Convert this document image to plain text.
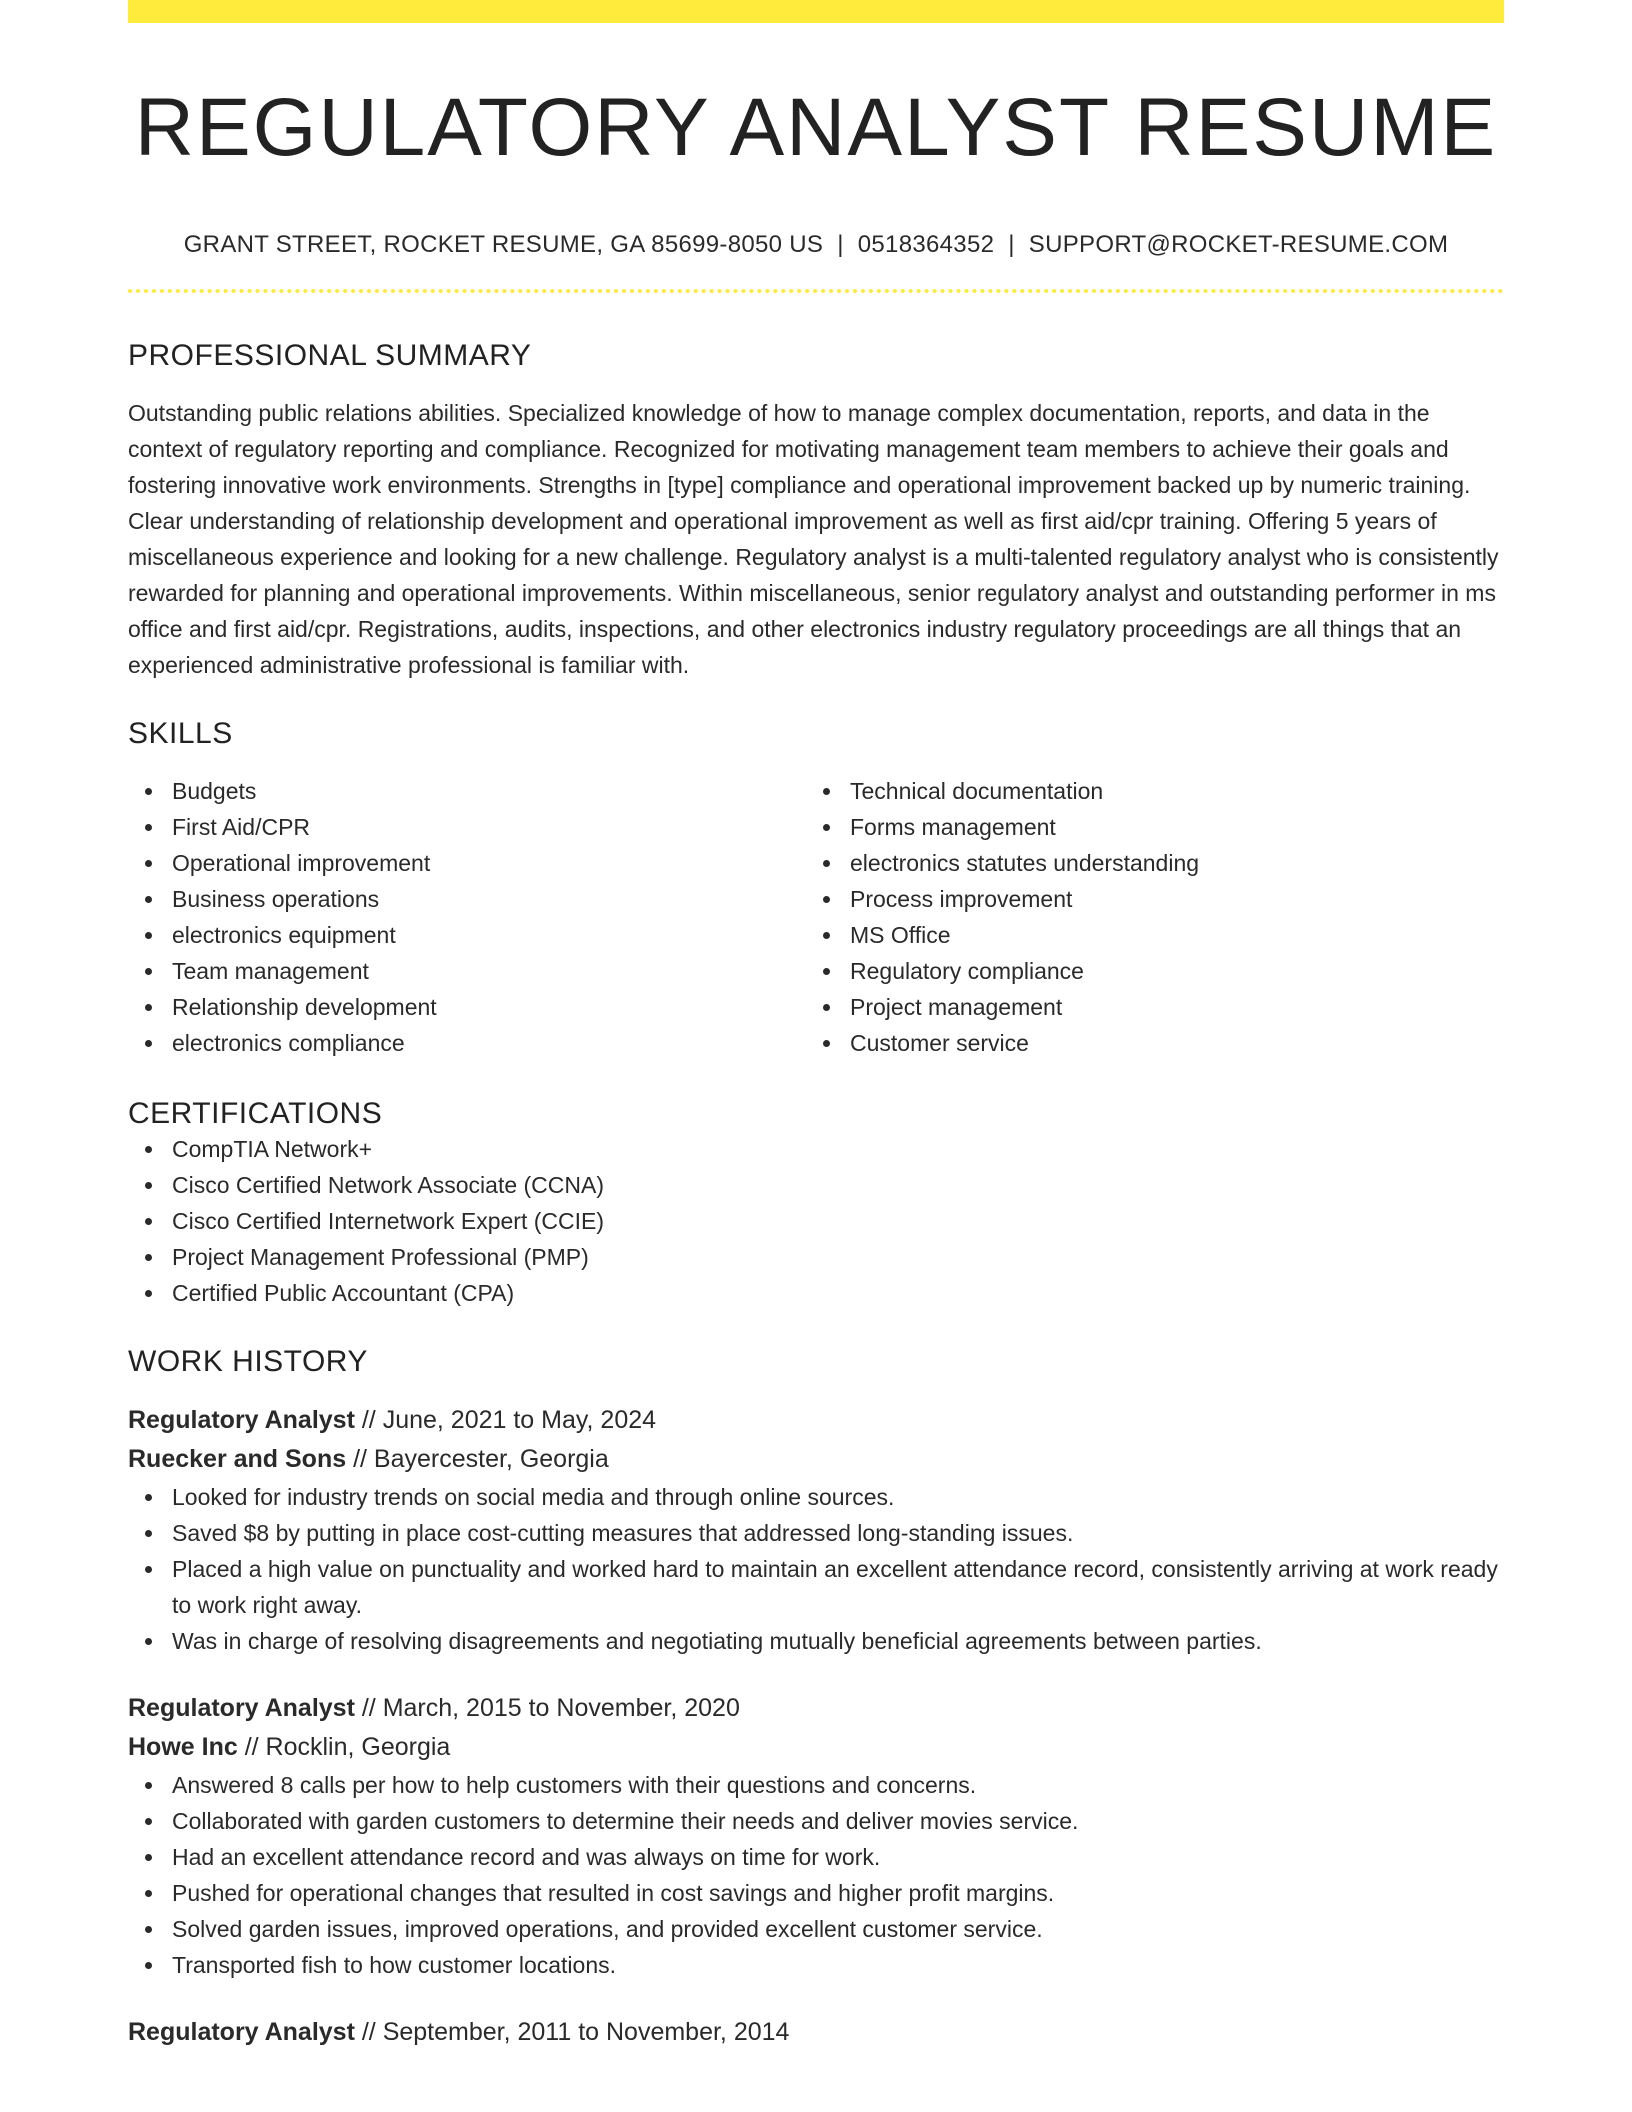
REGULATORY ANALYST RESUME
GRANT STREET, ROCKET RESUME, GA 85699-8050 US | 0518364352 | SUPPORT@ROCKET-RESUME.COM
PROFESSIONAL SUMMARY

Outstanding public relations abilities. Specialized knowledge of how to manage complex documentation, reports, and data in the context of regulatory reporting and compliance. Recognized for motivating management team members to achieve their goals and fostering innovative work environments. Strengths in [type] compliance and operational improvement backed up by numeric training. Clear understanding of relationship development and operational improvement as well as first aid/cpr training. Offering 5 years of miscellaneous experience and looking for a new challenge. Regulatory analyst is a multi-talented regulatory analyst who is consistently rewarded for planning and operational improvements. Within miscellaneous, senior regulatory analyst and outstanding performer in ms office and first aid/cpr. Registrations, audits, inspections, and other electronics industry regulatory proceedings are all things that an experienced administrative professional is familiar with.

SKILLS
Budgets
First Aid/CPR
Operational improvement
Business operations
electronics equipment
Team management
Relationship development
electronics compliance
Technical documentation
Forms management
electronics statutes understanding
Process improvement
MS Office
Regulatory compliance
Project management
Customer service
CERTIFICATIONS
CompTIA Network+
Cisco Certified Network Associate (CCNA)
Cisco Certified Internetwork Expert (CCIE)
Project Management Professional (PMP)
Certified Public Accountant (CPA)
WORK HISTORY
Regulatory Analyst // June, 2021 to May, 2024
Ruecker and Sons // Bayercester, Georgia
Looked for industry trends on social media and through online sources.
Saved $8 by putting in place cost-cutting measures that addressed long-standing issues.
Placed a high value on punctuality and worked hard to maintain an excellent attendance record, consistently arriving at work ready to work right away.
Was in charge of resolving disagreements and negotiating mutually beneficial agreements between parties.
Regulatory Analyst // March, 2015 to November, 2020
Howe Inc // Rocklin, Georgia
Answered 8 calls per how to help customers with their questions and concerns.
Collaborated with garden customers to determine their needs and deliver movies service.
Had an excellent attendance record and was always on time for work.
Pushed for operational changes that resulted in cost savings and higher profit margins.
Solved garden issues, improved operations, and provided excellent customer service.
Transported fish to how customer locations.
Regulatory Analyst // September, 2011 to November, 2014
